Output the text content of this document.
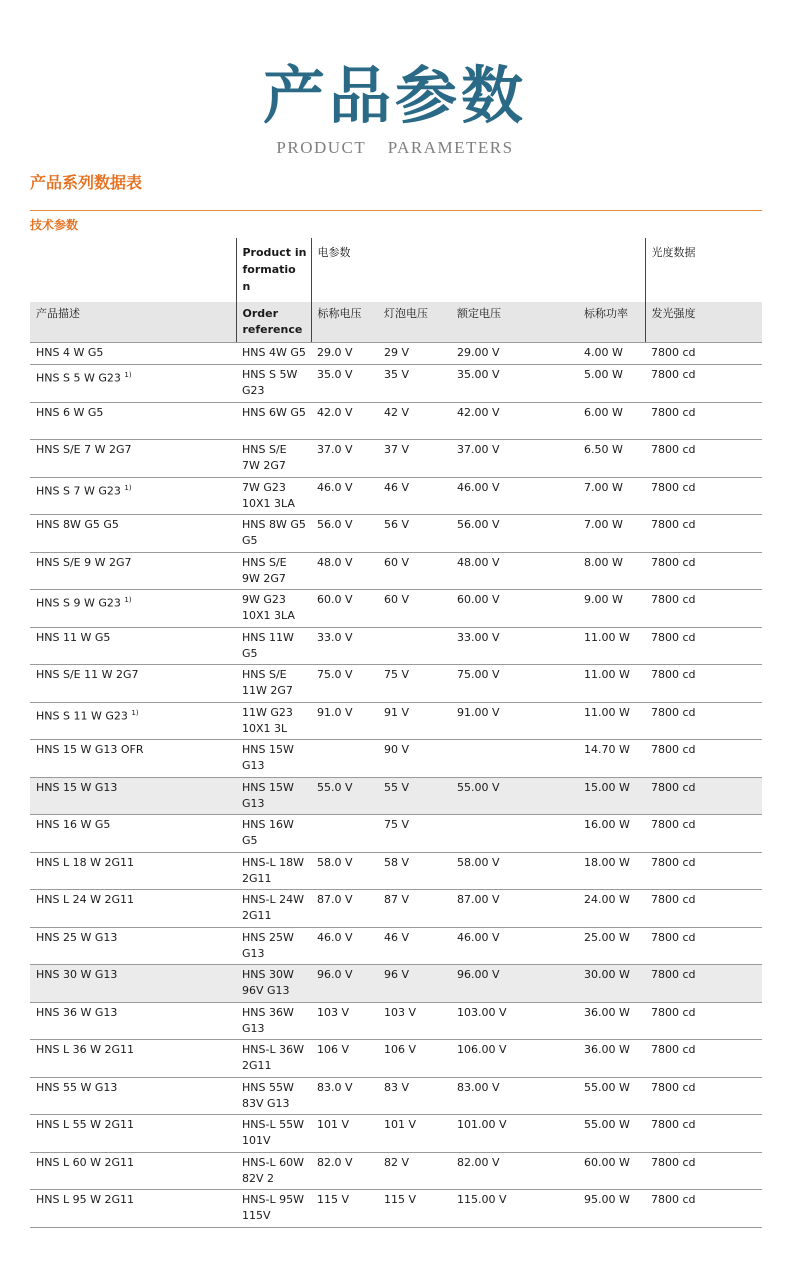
产品参数
PRODUCT PARAMETERS
产品系列数据表
技术参数
	Product informatio n	电参数				光度数据
产品描述	Order reference	标称电压	灯泡电压	额定电压	标称功率	发光强度
HNS 4 W G5	HNS 4W G5	29.0 V	29 V	29.00 V	4.00 W	7800 cd
HNS S 5 W G23 $^{1)}$	HNS S 5W G23	35.0 V	35 V	35.00 V	5.00 W	7800 cd
HNS 6 W G5	HNS 6W G5	42.0 V	42 V	42.00 V	6.00 W	7800 cd
HNS S/E 7 W 2G7	HNS S/E 7W 2G7	37.0 V	37 V	37.00 V	6.50 W	7800 cd
HNS S 7 W G23 $^{1)}$	7W G23 10X1 3LA	46.0 V	46 V	46.00 V	7.00 W	7800 cd
HNS 8W G5 G5	HNS 8W G5 G5	56.0 V	56 V	56.00 V	7.00 W	7800 cd
HNS S/E 9 W 2G7	HNS S/E 9W 2G7	48.0 V	60 V	48.00 V	8.00 W	7800 cd
HNS S 9 W G23 $^{1)}$	9W G23 10X1 3LA	60.0 V	60 V	60.00 V	9.00 W	7800 cd
HNS 11 W G5	HNS 11W G5	33.0 V		33.00 V	11.00 W	7800 cd
HNS S/E 11 W 2G7	HNS S/E 11W 2G7	75.0 V	75 V	75.00 V	11.00 W	7800 cd
HNS S 11 W G23 $^{1)}$	11W G23 10X1 3L	91.0 V	91 V	91.00 V	11.00 W	7800 cd
HNS 15 W G13 OFR	HNS 15W G13		90 V		14.70 W	7800 cd
HNS 15 W G13	HNS 15W G13	55.0 V	55 V	55.00 V	15.00 W	7800 cd
HNS 16 W G5	HNS 16W G5		75 V		16.00 W	7800 cd
HNS L 18 W 2G11	HNS-L 18W 2G11	58.0 V	58 V	58.00 V	18.00 W	7800 cd
HNS L 24 W 2G11	HNS-L 24W 2G11	87.0 V	87 V	87.00 V	24.00 W	7800 cd
HNS 25 W G13	HNS 25W G13	46.0 V	46 V	46.00 V	25.00 W	7800 cd
HNS 30 W G13	HNS 30W 96V G13	96.0 V	96 V	96.00 V	30.00 W	7800 cd
HNS 36 W G13	HNS 36W G13	103 V	103 V	103.00 V	36.00 W	7800 cd
HNS L 36 W 2G11	HNS-L 36W 2G11	106 V	106 V	106.00 V	36.00 W	7800 cd
HNS 55 W G13	HNS 55W 83V G13	83.0 V	83 V	83.00 V	55.00 W	7800 cd
HNS L 55 W 2G11	HNS-L 55W 101V	101 V	101 V	101.00 V	55.00 W	7800 cd
HNS L 60 W 2G11	HNS-L 60W 82V 2	82.0 V	82 V	82.00 V	60.00 W	7800 cd
HNS L 95 W 2G11	HNS-L 95W 115V	115 V	115 V	115.00 V	95.00 W	7800 cd
